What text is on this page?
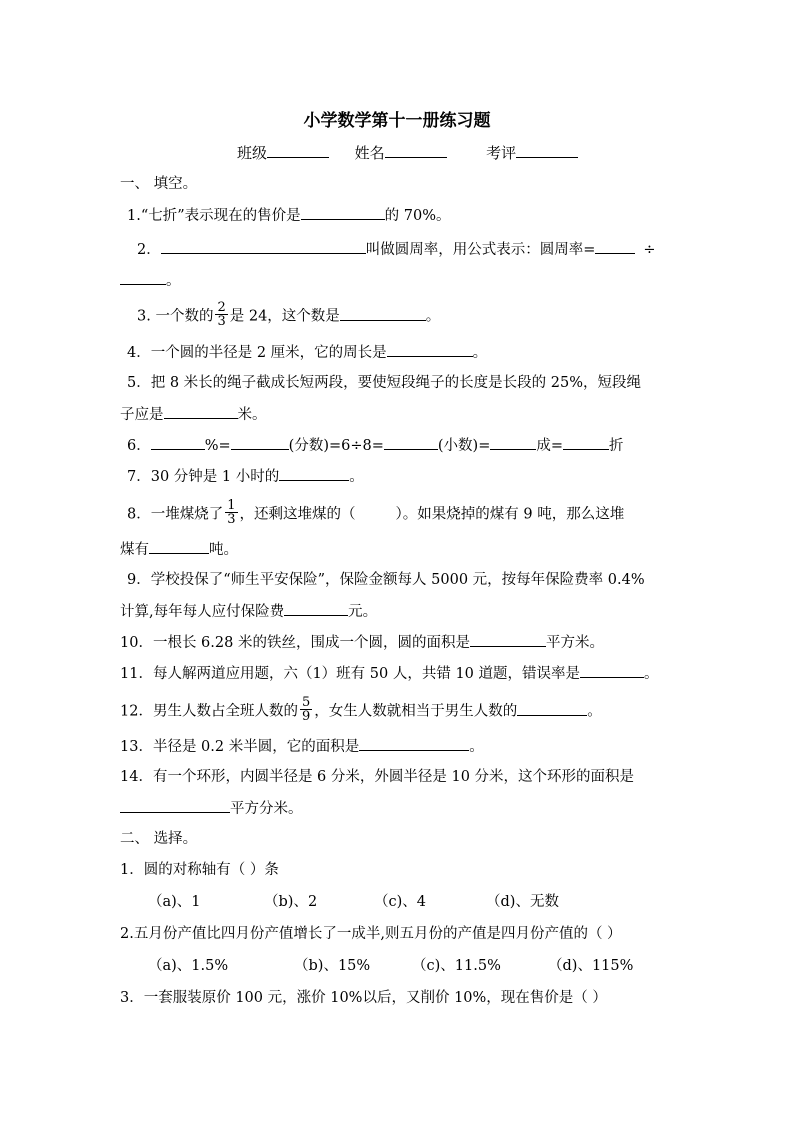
小学数学第十一册练习题
班级	姓名	考评
一、 填空。
1.“七折”表示现在的售价是	的 70%。
2．	叫做圆周率，用公式表示：圆周率=	÷
。
3. 一个数的 $\frac{2}{3}$ 是 24，这个数是	。
4．一个圆的半径是 2 厘米，它的周长是	。
5．把 8 米长的绳子截成长短两段，要使短段绳子的长度是长段的 25%，短段绳
子应是	米。
6．	%=	(分数)=6÷8=	(小数)=	成=	折
7．30 分钟是 1 小时的	。
8．一堆煤烧了 $\frac{1}{3}$ ，还剩这堆煤的（	）。如果烧掉的煤有 9 吨，那么这堆
煤有	吨。
9．学校投保了“师生平安保险”，保险金额每人 5000 元，按每年保险费率 0.4%
计算,每年每人应付保险费	元。
10．一根长 6.28 米的铁丝，围成一个圆，圆的面积是	平方米。
11．每人解两道应用题，六（1）班有 50 人，共错 10 道题，错误率是	。
12．男生人数占全班人数的 $\frac{5}{9}$ ，女生人数就相当于男生人数的	。
13．半径是 0.2 米半圆，它的面积是	。
14．有一个环形，内圆半径是 6 分米，外圆半径是 10 分米，这个环形的面积是
平方分米。
二、 选择。
1．圆的对称轴有（ ）条
（a)、1	（b)、2	（c)、4	（d)、无数
2.五月份产值比四月份产值增长了一成半,则五月份的产值是四月份产值的（ ）
（a)、1.5%	（b)、15%	（c)、11.5%	（d)、115%
3．一套服装原价 100 元，涨价 10%以后，又削价 10%，现在售价是（ ）
